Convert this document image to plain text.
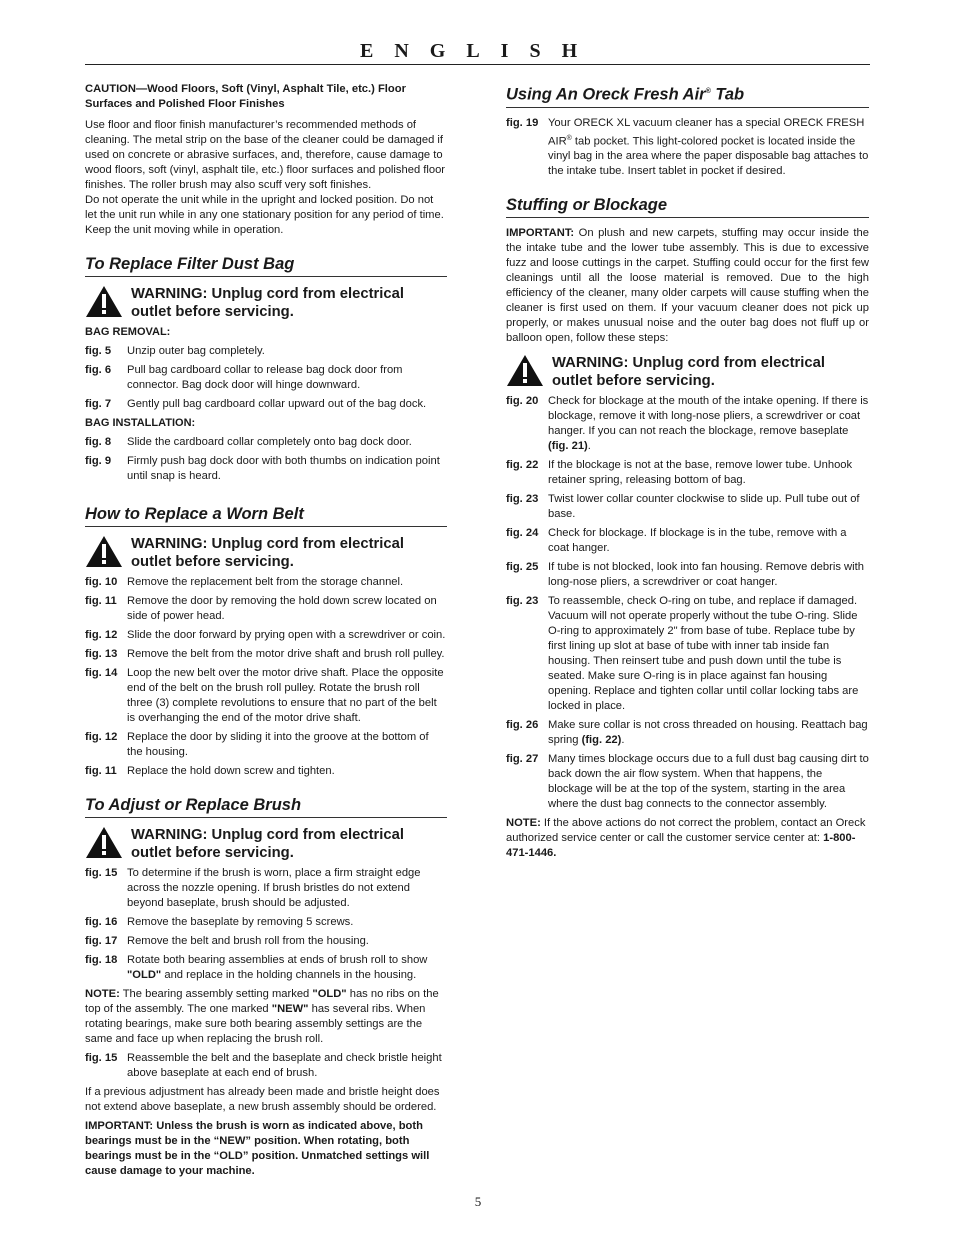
ENGLISH

CAUTION—Wood Floors, Soft (Vinyl, Asphalt Tile, etc.) Floor Surfaces and Polished Floor Finishes

Use floor and floor finish manufacturer’s recommended methods of cleaning. The metal strip on the base of the cleaner could be damaged if used on concrete or abrasive surfaces, and, therefore, cause damage to wood floors, soft (vinyl, asphalt tile, etc.) floor surfaces and polished floor finishes. The roller brush may also scuff very soft finishes.

Do not operate the unit while in the upright and locked position. Do not let the unit run while in any one stationary position for any period of time. Keep the unit moving while in operation.

To Replace Filter Dust Bag
WARNING: Unplug cord from electrical outlet before servicing.

BAG REMOVAL:

fig. 5	Unzip outer bag completely.
fig. 6	Pull bag cardboard collar to release bag dock door from connector. Bag dock door will hinge downward.
fig. 7	Gently pull bag cardboard collar upward out of the bag dock.

BAG INSTALLATION:

fig. 8	Slide the cardboard collar completely onto bag dock door.
fig. 9	Firmly push bag dock door with both thumbs on indication point until snap is heard.
How to Replace a Worn Belt
WARNING: Unplug cord from electrical outlet before servicing.
fig. 10 Remove the replacement belt from the storage channel.
fig. 11 Remove the door by removing the hold down screw located on side of power head.
fig. 12 Slide the door forward by prying open with a screwdriver or coin.
fig. 13 Remove the belt from the motor drive shaft and brush roll pulley.
fig. 14 Loop the new belt over the motor drive shaft. Place the opposite end of the belt on the brush roll pulley. Rotate the brush roll three (3) complete revolutions to ensure that no part of the belt is overhanging the end of the motor drive shaft.
fig. 12 Replace the door by sliding it into the groove at the bottom of the housing.
fig. 11 Replace the hold down screw and tighten.
To Adjust or Replace Brush
WARNING: Unplug cord from electrical outlet before servicing.
fig. 15 To determine if the brush is worn, place a firm straight edge across the nozzle opening. If brush bristles do not extend beyond baseplate, brush should be adjusted.
fig. 16 Remove the baseplate by removing 5 screws.
fig. 17 Remove the belt and brush roll from the housing.
fig. 18 Rotate both bearing assemblies at ends of brush roll to show "OLD" and replace in the holding channels in the housing.

NOTE: The bearing assembly setting marked "OLD" has no ribs on the top of the assembly. The one marked "NEW" has several ribs. When rotating bearings, make sure both bearing assembly settings are the same and face up when replacing the brush roll.

fig. 15 Reassemble the belt and the baseplate and check bristle height above baseplate at each end of brush.

If a previous adjustment has already been made and bristle height does not extend above baseplate, a new brush assembly should be ordered.

IMPORTANT: Unless the brush is worn as indicated above, both bearings must be in the “NEW” position. When rotating, both bearings must be in the “OLD” position. Unmatched settings will cause damage to your machine.

Using An Oreck Fresh Air® Tab
fig. 19 Your ORECK XL vacuum cleaner has a special ORECK FRESH AIR® tab pocket. This light-colored pocket is located inside the vinyl bag in the area where the paper disposable bag attaches to the intake tube. Insert tablet in pocket if desired.
Stuffing or Blockage

IMPORTANT: On plush and new carpets, stuffing may occur inside the the intake tube and the lower tube assembly. This is due to excessive fuzz and loose cuttings in the carpet. Stuffing could occur for the first few cleanings until all the loose material is removed. Due to the high efficiency of the cleaner, many older carpets will cause stuffing when the cleaner is first used on them. If your vacuum cleaner does not pick up properly, or makes unusual noise and the outer bag does not fluff up or balloon open, follow these steps:

WARNING: Unplug cord from electrical outlet before servicing.
fig. 20 Check for blockage at the mouth of the intake opening. If there is blockage, remove it with long-nose pliers, a screwdriver or coat hanger. If you can not reach the blockage, remove baseplate (fig. 21).
fig. 22 If the blockage is not at the base, remove lower tube. Unhook retainer spring, releasing bottom of bag.
fig. 23 Twist lower collar counter clockwise to slide up. Pull tube out of base.
fig. 24 Check for blockage. If blockage is in the tube, remove with a coat hanger.
fig. 25 If tube is not blocked, look into fan housing. Remove debris with long-nose pliers, a screwdriver or coat hanger.
fig. 23 To reassemble, check O-ring on tube, and replace if damaged. Vacuum will not operate properly without the tube O-ring. Slide O-ring to approximately 2" from base of tube. Replace tube by first lining up slot at base of tube with inner tab inside fan housing. Then reinsert tube and push down until the tube is seated. Make sure O-ring is in place against fan housing opening. Replace and tighten collar until collar locking tabs are locked in place.
fig. 26 Make sure collar is not cross threaded on housing. Reattach bag spring (fig. 22).
fig. 27 Many times blockage occurs due to a full dust bag causing dirt to back down the air flow system. When that happens, the blockage will be at the top of the system, starting in the area where the dust bag connects to the connector assembly.

NOTE: If the above actions do not correct the problem, contact an Oreck authorized service center or call the customer service center at: 1-800-471-1446.

5
